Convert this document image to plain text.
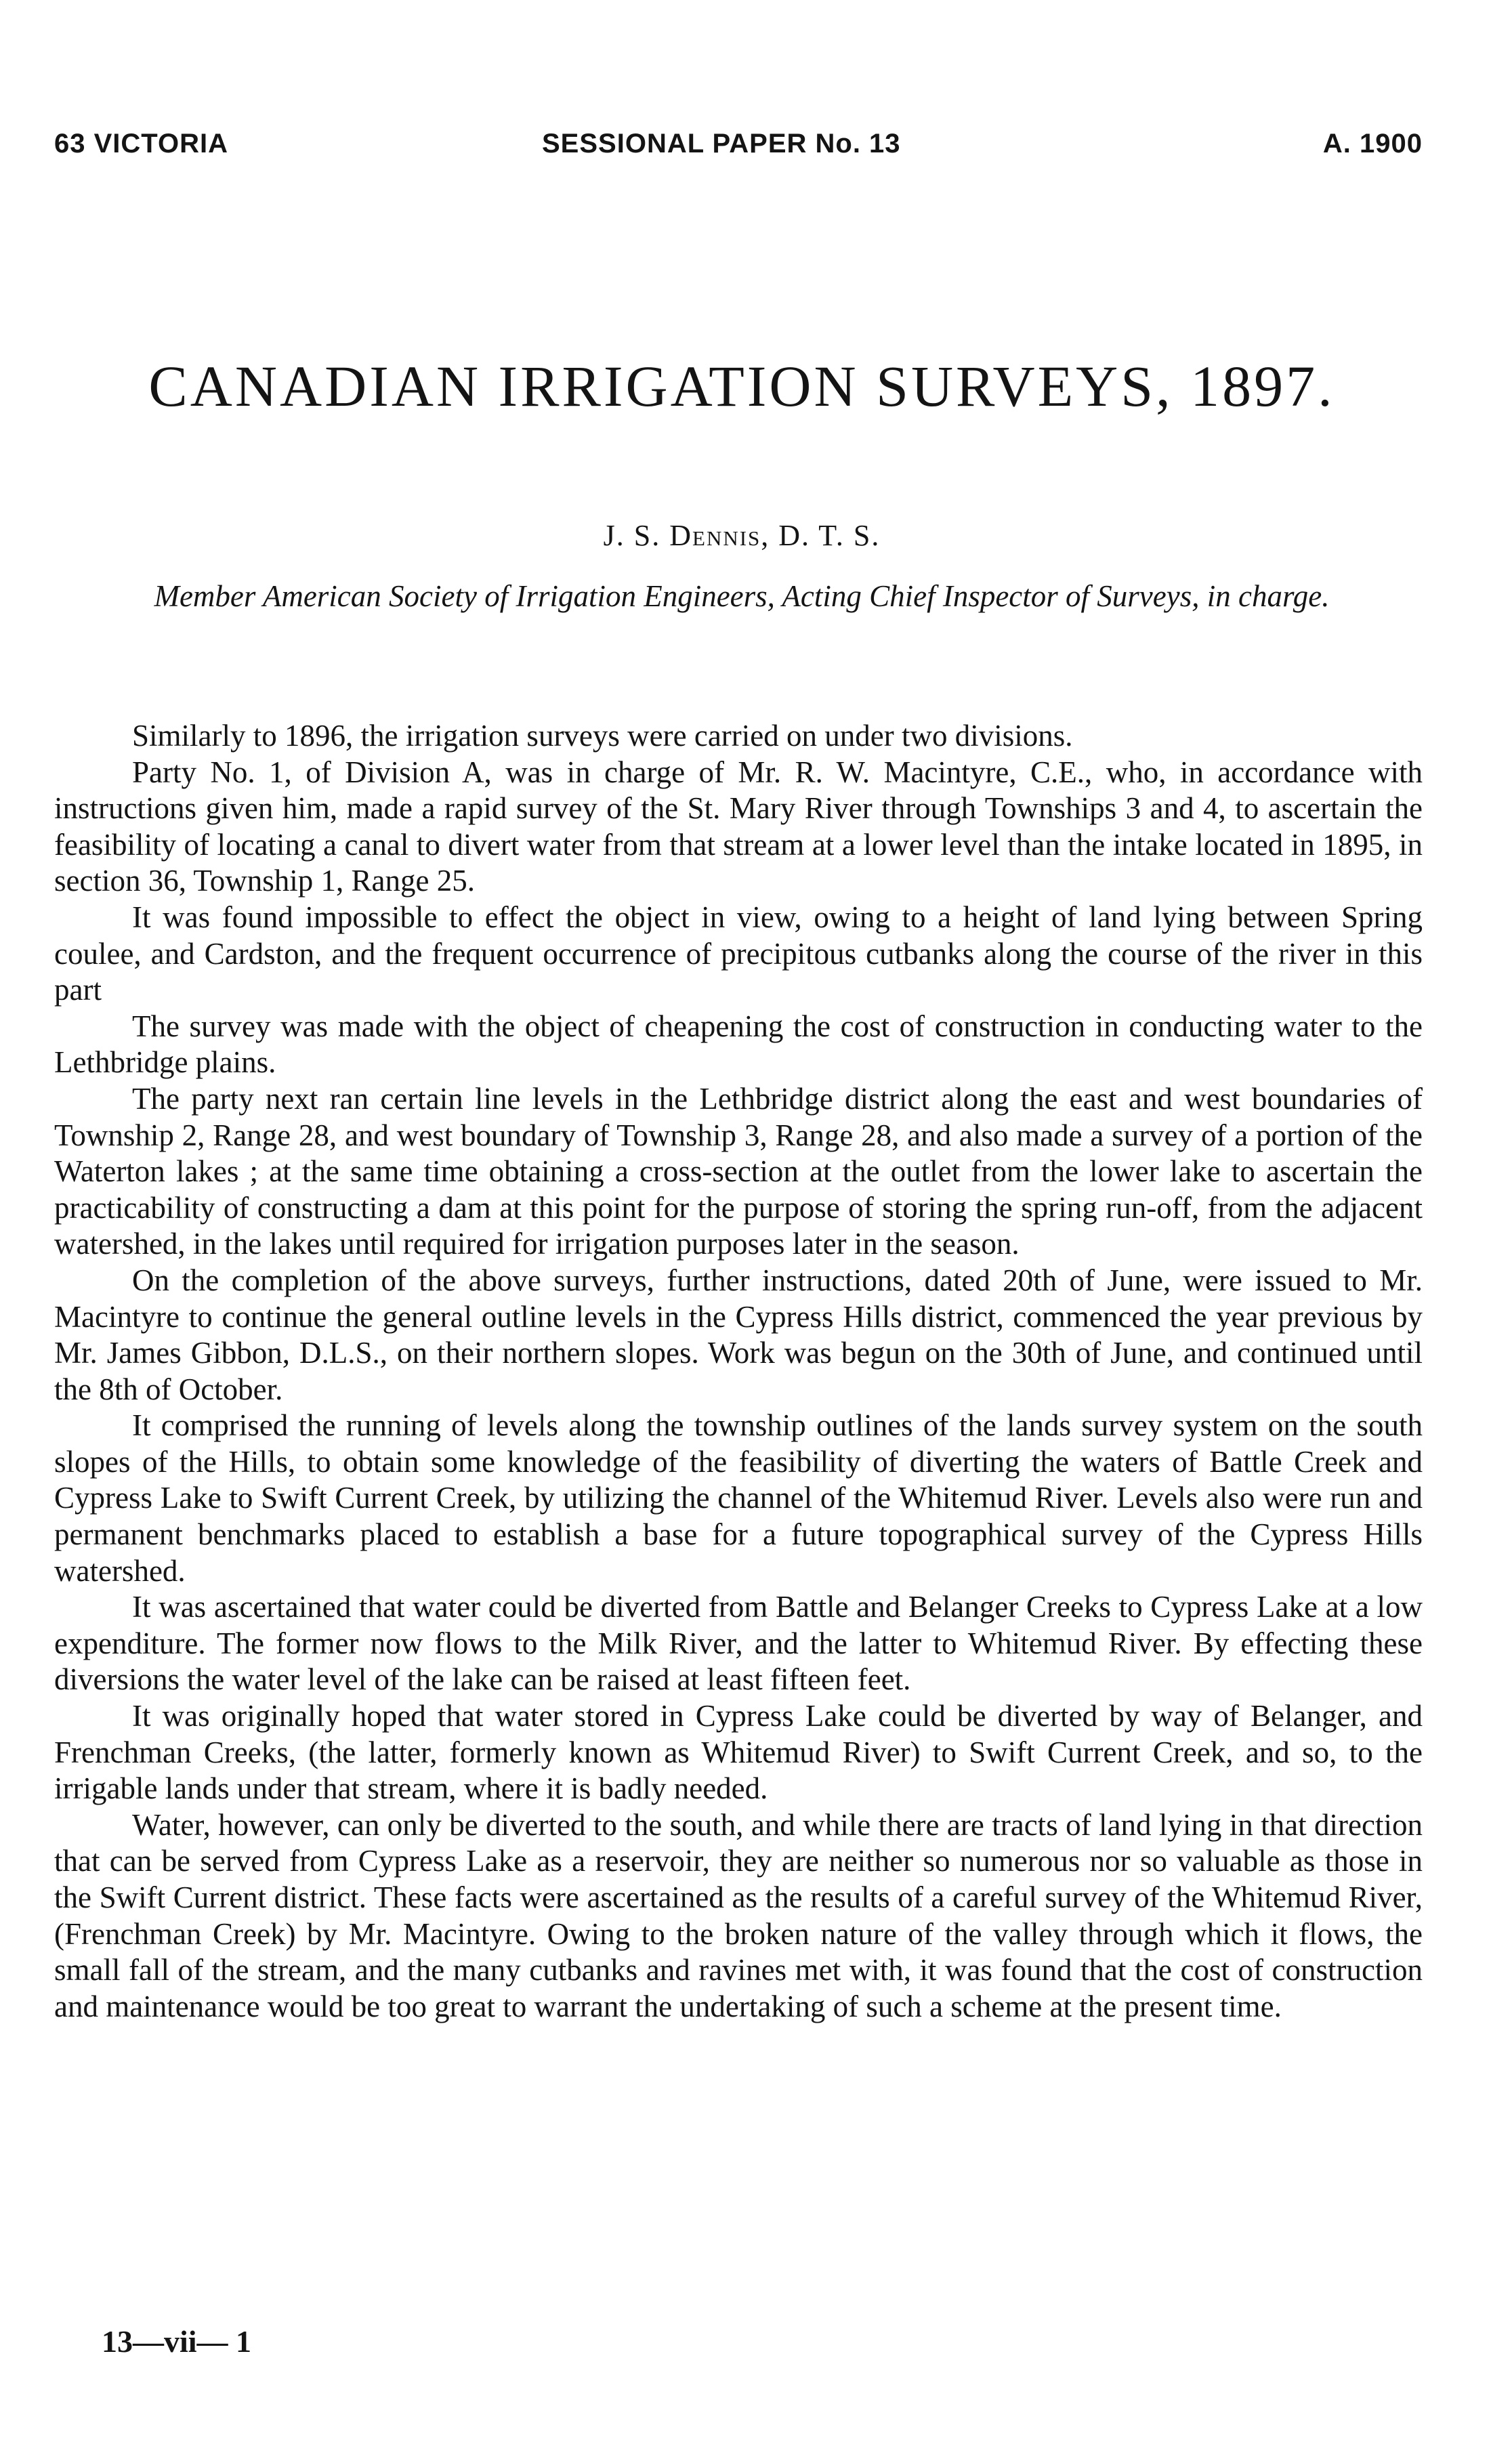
63 VICTORIA	SESSIONAL PAPER No. 13	A. 1900
CANADIAN IRRIGATION SURVEYS, 1897.
J. S. Dennis, D. T. S.
Member American Society of Irrigation Engineers, Acting Chief Inspector of Surveys, in charge.

Similarly to 1896, the irrigation surveys were carried on under two divisions.

Party No. 1, of Division A, was in charge of Mr. R. W. Macintyre, C.E., who, in accordance with instructions given him, made a rapid survey of the St. Mary River through Townships 3 and 4, to ascertain the feasibility of locating a canal to divert water from that stream at a lower level than the intake located in 1895, in section 36, Township 1, Range 25.

It was found impossible to effect the object in view, owing to a height of land lying between Spring coulee, and Cardston, and the frequent occurrence of precipitous cutbanks along the course of the river in this part

The survey was made with the object of cheapening the cost of construction in conducting water to the Lethbridge plains.

The party next ran certain line levels in the Lethbridge district along the east and west boundaries of Township 2, Range 28, and west boundary of Township 3, Range 28, and also made a survey of a portion of the Waterton lakes ; at the same time obtaining a cross-section at the outlet from the lower lake to ascertain the practicability of constructing a dam at this point for the purpose of storing the spring run-off, from the adjacent watershed, in the lakes until required for irrigation purposes later in the season.

On the completion of the above surveys, further instructions, dated 20th of June, were issued to Mr. Macintyre to continue the general outline levels in the Cypress Hills district, commenced the year previous by Mr. James Gibbon, D.L.S., on their northern slopes. Work was begun on the 30th of June, and continued until the 8th of October.

It comprised the running of levels along the township outlines of the lands survey system on the south slopes of the Hills, to obtain some knowledge of the feasibility of diverting the waters of Battle Creek and Cypress Lake to Swift Current Creek, by utilizing the channel of the Whitemud River. Levels also were run and permanent benchmarks placed to establish a base for a future topographical survey of the Cypress Hills watershed.

It was ascertained that water could be diverted from Battle and Belanger Creeks to Cypress Lake at a low expenditure. The former now flows to the Milk River, and the latter to Whitemud River. By effecting these diversions the water level of the lake can be raised at least fifteen feet.

It was originally hoped that water stored in Cypress Lake could be diverted by way of Belanger, and Frenchman Creeks, (the latter, formerly known as Whitemud River) to Swift Current Creek, and so, to the irrigable lands under that stream, where it is badly needed.

Water, however, can only be diverted to the south, and while there are tracts of land lying in that direction that can be served from Cypress Lake as a reservoir, they are neither so numerous nor so valuable as those in the Swift Current district. These facts were ascertained as the results of a careful survey of the Whitemud River, (Frenchman Creek) by Mr. Macintyre. Owing to the broken nature of the valley through which it flows, the small fall of the stream, and the many cutbanks and ravines met with, it was found that the cost of construction and maintenance would be too great to warrant the undertaking of such a scheme at the present time.

13—vii— 1
